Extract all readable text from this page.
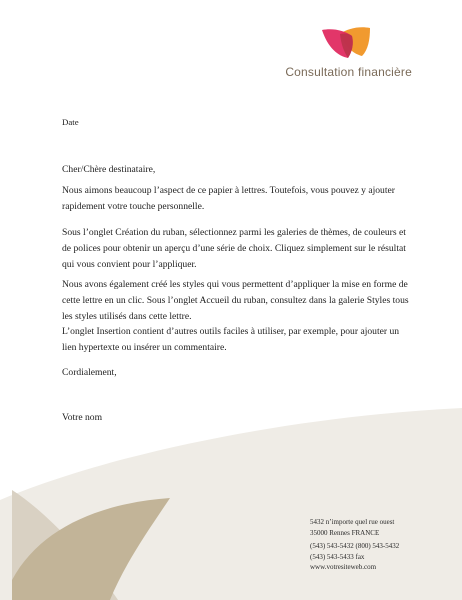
Consultation financière
Date
Cher/Chère destinataire,

Nous aimons beaucoup l’aspect de ce papier à lettres. Toutefois, vous pouvez y ajouter rapidement votre touche personnelle.

Sous l’onglet Création du ruban, sélectionnez parmi les galeries de thèmes, de couleurs et de polices pour obtenir un aperçu d’une série de choix. Cliquez simplement sur le résultat qui vous convient pour l’appliquer.

Nous avons également créé les styles qui vous permettent d’appliquer la mise en forme de cette lettre en un clic. Sous l’onglet Accueil du ruban, consultez dans la galerie Styles tous les styles utilisés dans cette lettre.

L’onglet Insertion contient d’autres outils faciles à utiliser, par exemple, pour ajouter un lien hypertexte ou insérer un commentaire.

Cordialement,
Votre nom
5432 n’importe quel rue ouest
35000 Rennes FRANCE
(543) 543-5432 (800) 543-5432
(543) 543-5433 fax
www.votresiteweb.com
